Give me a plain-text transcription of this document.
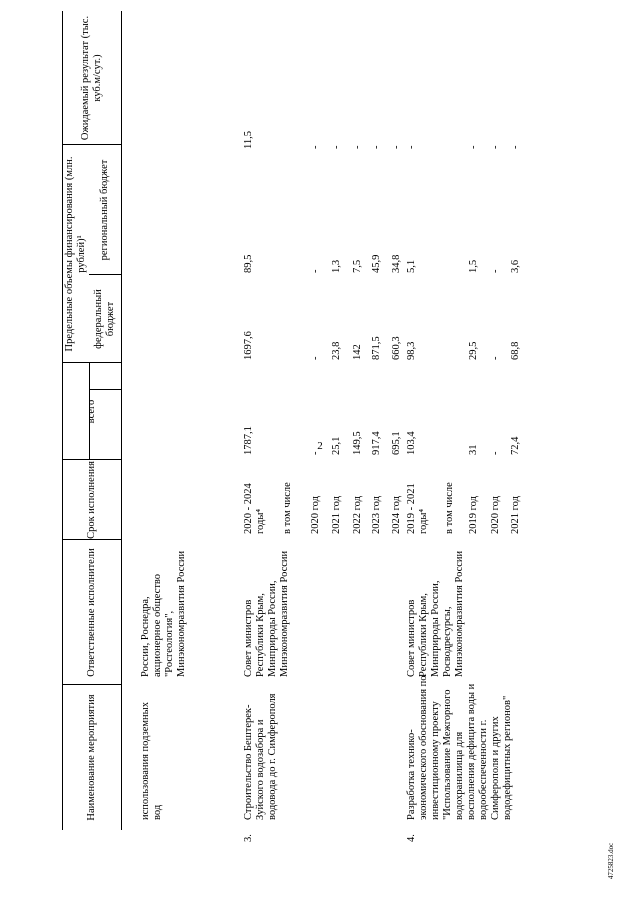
2
4725823.doc
Наименование мероприятия
Ответственные исполнители
Срок исполнения
Ожидаемый результат (тыс. куб.м/сут.)
Предельные объемы финансирования (млн. рублей)¹
всего
федеральный бюджет
региональный бюджет
использования подземных вод
России, Роснедра, акционерное общество "Росгеология", Минэкономразвития России
3.
Строительство Бештерек-Зуйского водозабора и водовода до г. Симферополя
Совет министров Республики Крым, Минприроды России, Минэкономразвития России
2020 - 2024 годы⁴
1787,1
1697,6
89,5
11,5
в том числе 2020 год
-
-
-
-
2021 год
25,1
23,8
1,3
-
2022 год
149,5
142
7,5
-
2023 год
917,4
871,5
45,9
-
2024 год
695,1
660,3
34,8
-
4.
Разработка технико-экономического обоснования по инвестиционному проекту "Использование Межгорного водохранилища для восполнения дефицита воды и водообеспеченности г. Симферополя и других вододефицитных регионов"
Совет министров Республики Крым, Минприроды России, Росводресурсы, Минэкономразвития России
2019 - 2021 годы⁴
103,4
98,3
5,1
-
в том числе 2019 год
31
29,5
1,5
-
2020 год
-
-
-
-
2021 год
72,4
68,8
3,6
-
